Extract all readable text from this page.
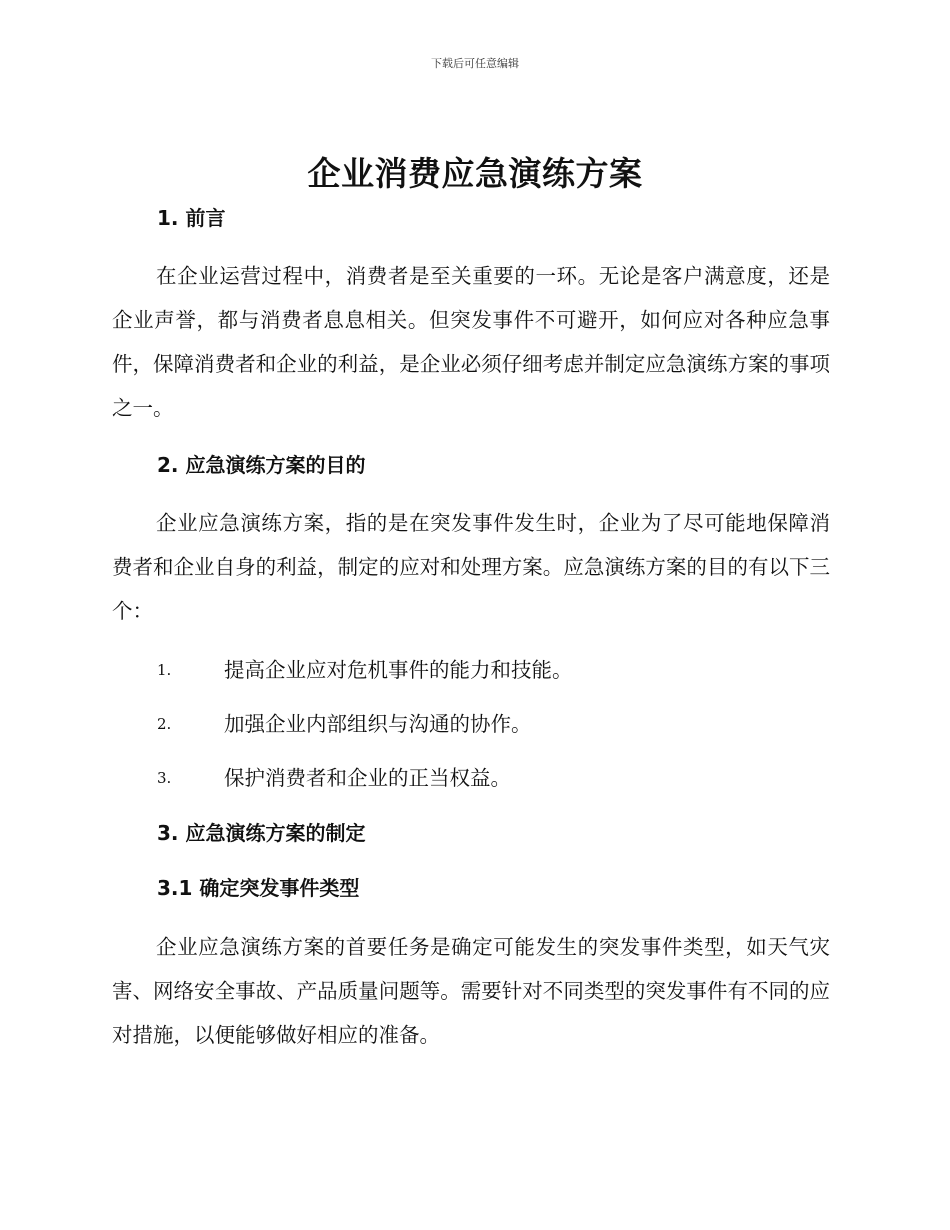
下载后可任意编辑
企业消费应急演练方案
1. 前言

在企业运营过程中，消费者是至关重要的一环。无论是客户满意度，还是企业声誉，都与消费者息息相关。但突发事件不可避开，如何应对各种应急事件，保障消费者和企业的利益，是企业必须仔细考虑并制定应急演练方案的事项之一。

2. 应急演练方案的目的

企业应急演练方案，指的是在突发事件发生时，企业为了尽可能地保障消费者和企业自身的利益，制定的应对和处理方案。应急演练方案的目的有以下三个：

1.	提高企业应对危机事件的能力和技能。
2.	加强企业内部组织与沟通的协作。
3.	保护消费者和企业的正当权益。
3. 应急演练方案的制定
3.1 确定突发事件类型

企业应急演练方案的首要任务是确定可能发生的突发事件类型，如天气灾害、网络安全事故、产品质量问题等。需要针对不同类型的突发事件有不同的应对措施，以便能够做好相应的准备。
